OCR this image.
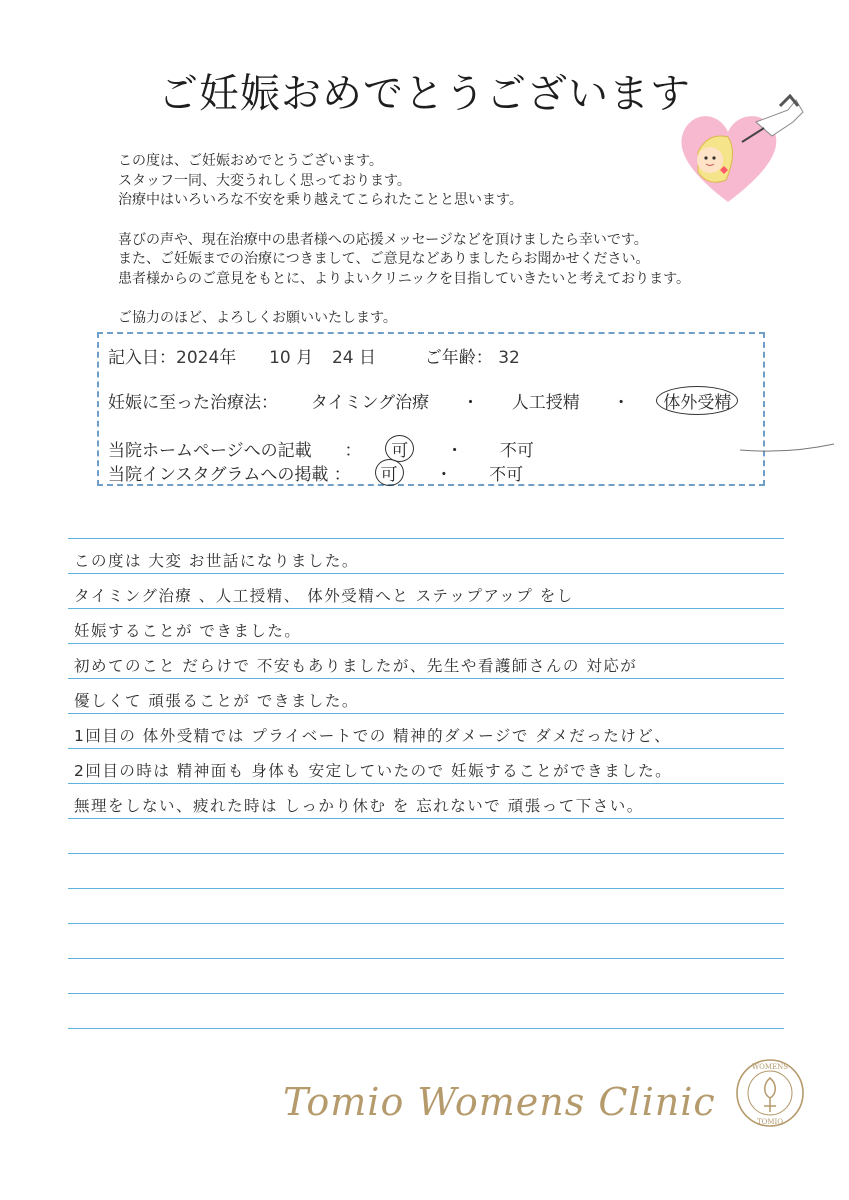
ご妊娠おめでとうございます
この度は、ご妊娠おめでとうございます。
スタッフ一同、大変うれしく思っております。
治療中はいろいろな不安を乗り越えてこられたことと思います。
喜びの声や、現在治療中の患者様への応援メッセージなどを頂けましたら幸いです。
また、ご妊娠までの治療につきまして、ご意見などありましたらお聞かせください。
患者様からのご意見をもとに、よりよいクリニックを目指していきたいと考えております。
ご協力のほど、よろしくお願いいたします。
記入日：2024年 10 月 24 日	ご年齢： 32
妊娠に至った治療法： タイミング治療 ・ 人工授精 ・ 体外受精
当院ホームページへの記載 ： 可 ・ 不可
当院インスタグラムへの掲載 ： 可 ・ 不可
この度は 大変 お世話になりました。
タイミング治療 、人工授精、 体外受精へと ステップアップ をし
妊娠することが できました。
初めてのこと だらけで 不安もありましたが、先生や看護師さんの 対応が
優しくて 頑張ることが できました。
1回目の 体外受精では プライベートでの 精神的ダメージで ダメだったけど、
2回目の時は 精神面も 身体も 安定していたので 妊娠することができました。
無理をしない、疲れた時は しっかり休む を 忘れないで 頑張って下さい。
Tomio Womens Clinic
WOMENS
TOMIO
